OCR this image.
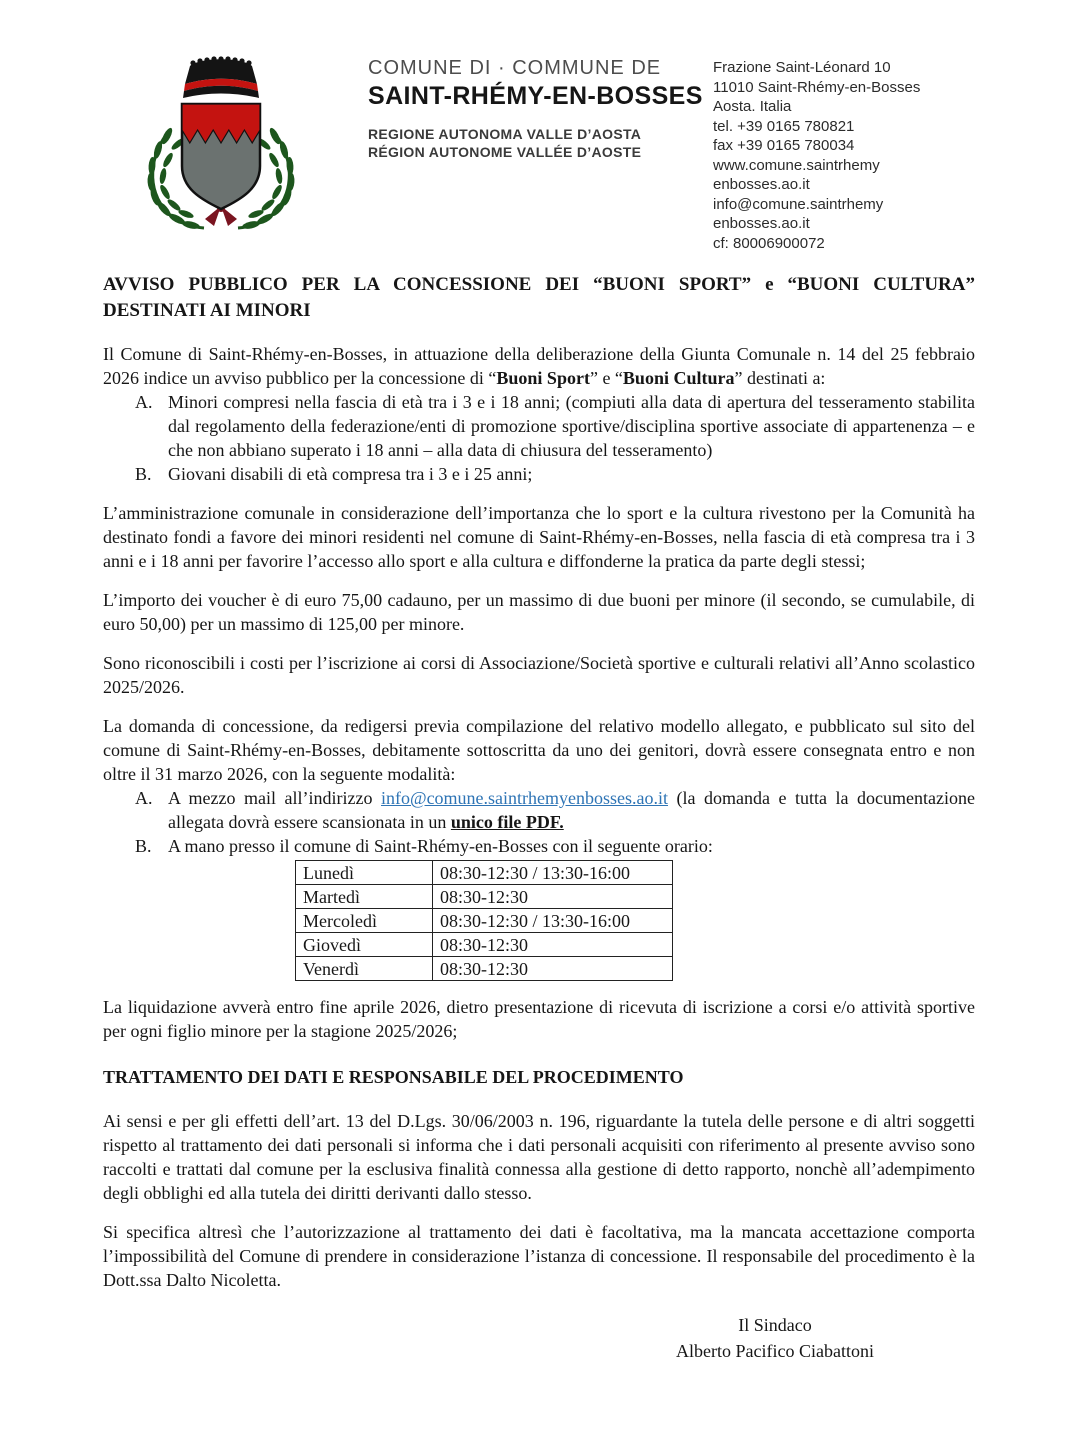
COMUNE DI · COMMUNE DE
SAINT-RHÉMY-EN-BOSSES
REGIONE AUTONOMA VALLE D’AOSTA
RÉGION AUTONOME VALLÉE D’AOSTE
Frazione Saint-Léonard 10
11010 Saint-Rhémy-en-Bosses
Aosta. Italia
tel. +39 0165 780821
fax +39 0165 780034
www.comune.saintrhemy
enbosses.ao.it
info@comune.saintrhemy
enbosses.ao.it
cf: 80006900072
AVVISO PUBBLICO PER LA CONCESSIONE DEI “BUONI SPORT” e “BUONI CULTURA” DESTINATI AI MINORI

Il Comune di Saint-Rhémy-en-Bosses, in attuazione della deliberazione della Giunta Comunale n. 14 del 25 febbraio 2026 indice un avviso pubblico per la concessione di “Buoni Sport” e “Buoni Cultura” destinati a:

A. Minori compresi nella fascia di età tra i 3 e i 18 anni; (compiuti alla data di apertura del tesseramento stabilita dal regolamento della federazione/enti di promozione sportive/disciplina sportive associate di appartenenza – e che non abbiano superato i 18 anni – alla data di chiusura del tesseramento)
B. Giovani disabili di età compresa tra i 3 e i 25 anni;

L’amministrazione comunale in considerazione dell’importanza che lo sport e la cultura rivestono per la Comunità ha destinato fondi a favore dei minori residenti nel comune di Saint-Rhémy-en-Bosses, nella fascia di età compresa tra i 3 anni e i 18 anni per favorire l’accesso allo sport e alla cultura e diffonderne la pratica da parte degli stessi;

L’importo dei voucher è di euro 75,00 cadauno, per un massimo di due buoni per minore (il secondo, se cumulabile, di euro 50,00) per un massimo di 125,00 per minore.

Sono riconoscibili i costi per l’iscrizione ai corsi di Associazione/Società sportive e culturali relativi all’Anno scolastico 2025/2026.

La domanda di concessione, da redigersi previa compilazione del relativo modello allegato, e pubblicato sul sito del comune di Saint-Rhémy-en-Bosses, debitamente sottoscritta da uno dei genitori, dovrà essere consegnata entro e non oltre il 31 marzo 2026, con la seguente modalità:

A. A mezzo mail all’indirizzo info@comune.saintrhemyenbosses.ao.it (la domanda e tutta la documentazione allegata dovrà essere scansionata in un unico file PDF.
B. A mano presso il comune di Saint-Rhémy-en-Bosses con il seguente orario:
Lunedì	08:30-12:30 / 13:30-16:00
Martedì	08:30-12:30
Mercoledì	08:30-12:30 / 13:30-16:00
Giovedì	08:30-12:30
Venerdì	08:30-12:30

La liquidazione avverà entro fine aprile 2026, dietro presentazione di ricevuta di iscrizione a corsi e/o attività sportive per ogni figlio minore per la stagione 2025/2026;

TRATTAMENTO DEI DATI E RESPONSABILE DEL PROCEDIMENTO

Ai sensi e per gli effetti dell’art. 13 del D.Lgs. 30/06/2003 n. 196, riguardante la tutela delle persone e di altri soggetti rispetto al trattamento dei dati personali si informa che i dati personali acquisiti con riferimento al presente avviso sono raccolti e trattati dal comune per la esclusiva finalità connessa alla gestione di detto rapporto, nonchè all’adempimento degli obblighi ed alla tutela dei diritti derivanti dallo stesso.

Si specifica altresì che l’autorizzazione al trattamento dei dati è facoltativa, ma la mancata accettazione comporta l’impossibilità del Comune di prendere in considerazione l’istanza di concessione. Il responsabile del procedimento è la Dott.ssa Dalto Nicoletta.

Il Sindaco
Alberto Pacifico Ciabattoni
